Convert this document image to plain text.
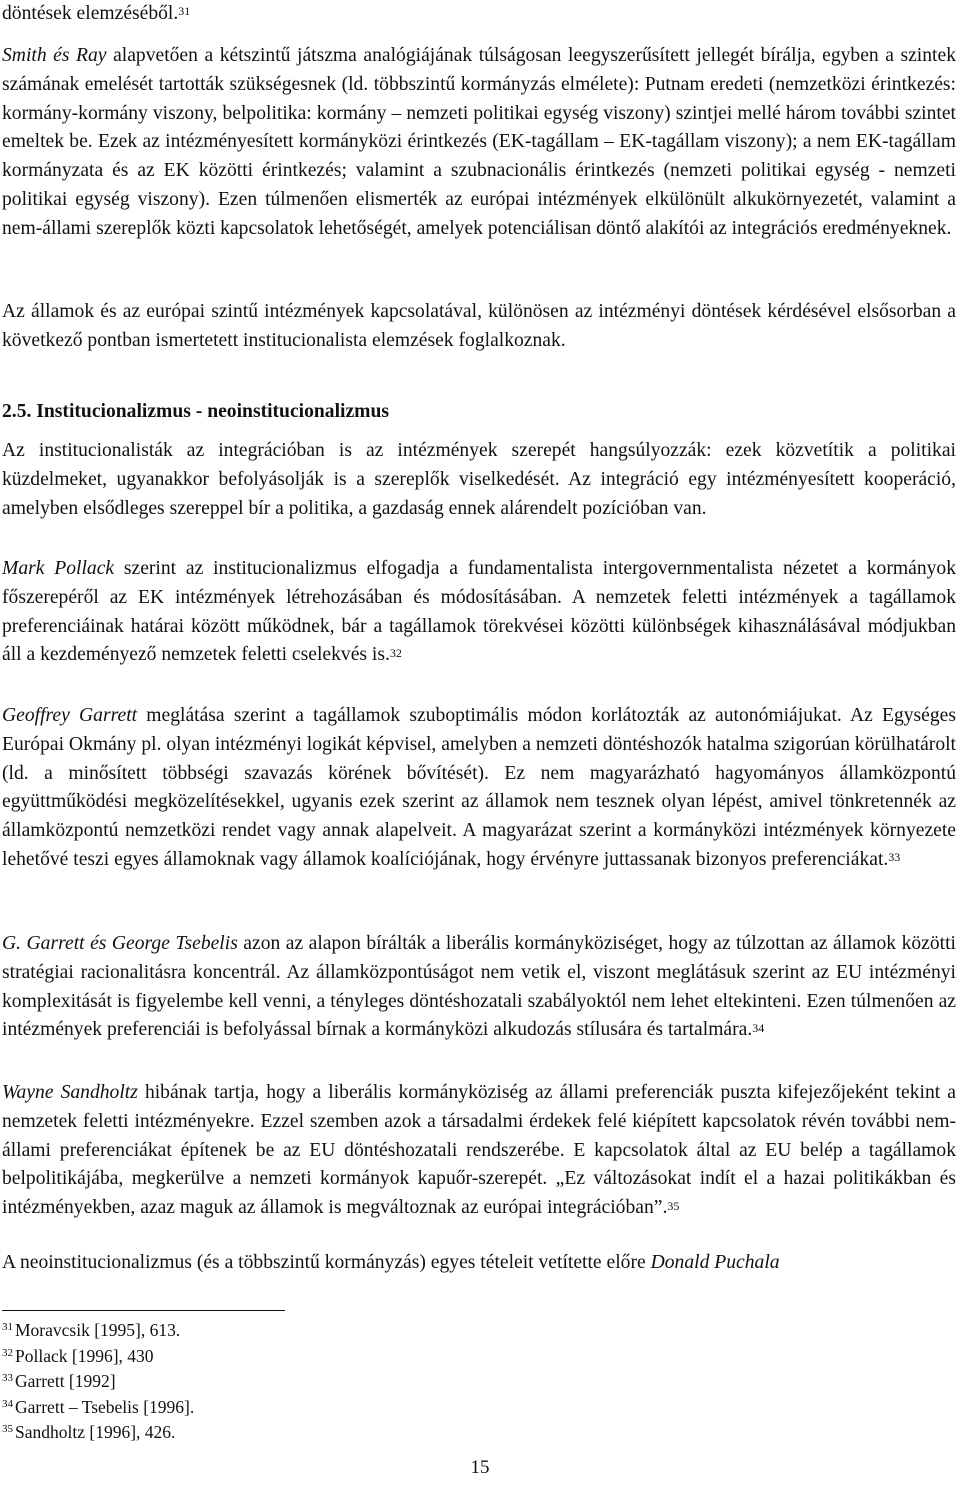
döntések elemzéséből.$^{31}$

Smith és Ray alapvetően a kétszintű játszma analógiájának túlságosan leegyszerűsített jellegét bírálja, egyben a szintek számának emelését tartották szükségesnek (ld. többszintű kormányzás elmélete): Putnam eredeti (nemzetközi érintkezés: kormány-kormány viszony, belpolitika: kormány – nemzeti politikai egység viszony) szintjei mellé három további szintet emeltek be. Ezek az intézményesített kormányközi érintkezés (EK-tagállam – EK-tagállam viszony); a nem EK-tagállam kormányzata és az EK közötti érintkezés; valamint a szubnacionális érintkezés (nemzeti politikai egység - nemzeti politikai egység viszony). Ezen túlmenően elismerték az európai intézmények elkülönült alkukörnyezetét, valamint a nem-állami szereplők közti kapcsolatok lehetőségét, amelyek potenciálisan döntő alakítói az integrációs eredményeknek.

Az államok és az európai szintű intézmények kapcsolatával, különösen az intézményi döntések kérdésével elsősorban a következő pontban ismertetett institucionalista elemzések foglalkoznak.

2.5. Institucionalizmus - neoinstitucionalizmus

Az institucionalisták az integrációban is az intézmények szerepét hangsúlyozzák: ezek közvetítik a politikai küzdelmeket, ugyanakkor befolyásolják is a szereplők viselkedését. Az integráció egy intézményesített kooperáció, amelyben elsődleges szereppel bír a politika, a gazdaság ennek alárendelt pozícióban van.

Mark Pollack szerint az institucionalizmus elfogadja a fundamentalista intergovernmentalista nézetet a kormányok főszerepéről az EK intézmények létrehozásában és módosításában. A nemzetek feletti intézmények a tagállamok preferenciáinak határai között működnek, bár a tagállamok törekvései közötti különbségek kihasználásával módjukban áll a kezdeményező nemzetek feletti cselekvés is.$^{32}$

Geoffrey Garrett meglátása szerint a tagállamok szuboptimális módon korlátozták az autonómiájukat. Az Egységes Európai Okmány pl. olyan intézményi logikát képvisel, amelyben a nemzeti döntéshozók hatalma szigorúan körülhatárolt (ld. a minősített többségi szavazás körének bővítését). Ez nem magyarázható hagyományos államközpontú együttműködési megközelítésekkel, ugyanis ezek szerint az államok nem tesznek olyan lépést, amivel tönkretennék az államközpontú nemzetközi rendet vagy annak alapelveit. A magyarázat szerint a kormányközi intézmények környezete lehetővé teszi egyes államoknak vagy államok koalíciójának, hogy érvényre juttassanak bizonyos preferenciákat.$^{33}$

G. Garrett és George Tsebelis azon az alapon bírálták a liberális kormányköziséget, hogy az túlzottan az államok közötti stratégiai racionalitásra koncentrál. Az államközpontúságot nem vetik el, viszont meglátásuk szerint az EU intézményi komplexitását is figyelembe kell venni, a tényleges döntéshozatali szabályoktól nem lehet eltekinteni. Ezen túlmenően az intézmények preferenciái is befolyással bírnak a kormányközi alkudozás stílusára és tartalmára.$^{34}$

Wayne Sandholtz hibának tartja, hogy a liberális kormányköziség az állami preferenciák puszta kifejezőjeként tekint a nemzetek feletti intézményekre. Ezzel szemben azok a társadalmi érdekek felé kiépített kapcsolatok révén további nem-állami preferenciákat építenek be az EU döntéshozatali rendszerébe. E kapcsolatok által az EU belép a tagállamok belpolitikájába, megkerülve a nemzeti kormányok kapuőr-szerepét. „Ez változásokat indít el a hazai politikákban és intézményekben, azaz maguk az államok is megváltoznak az európai integrációban”.$^{35}$

A neoinstitucionalizmus (és a többszintű kormányzás) egyes tételeit vetítette előre Donald Puchala

$^{31}$ Moravcsik [1995], 613.
$^{32}$ Pollack [1996], 430
$^{33}$ Garrett [1992]
$^{34}$ Garrett – Tsebelis [1996].
$^{35}$ Sandholtz [1996], 426.
15
